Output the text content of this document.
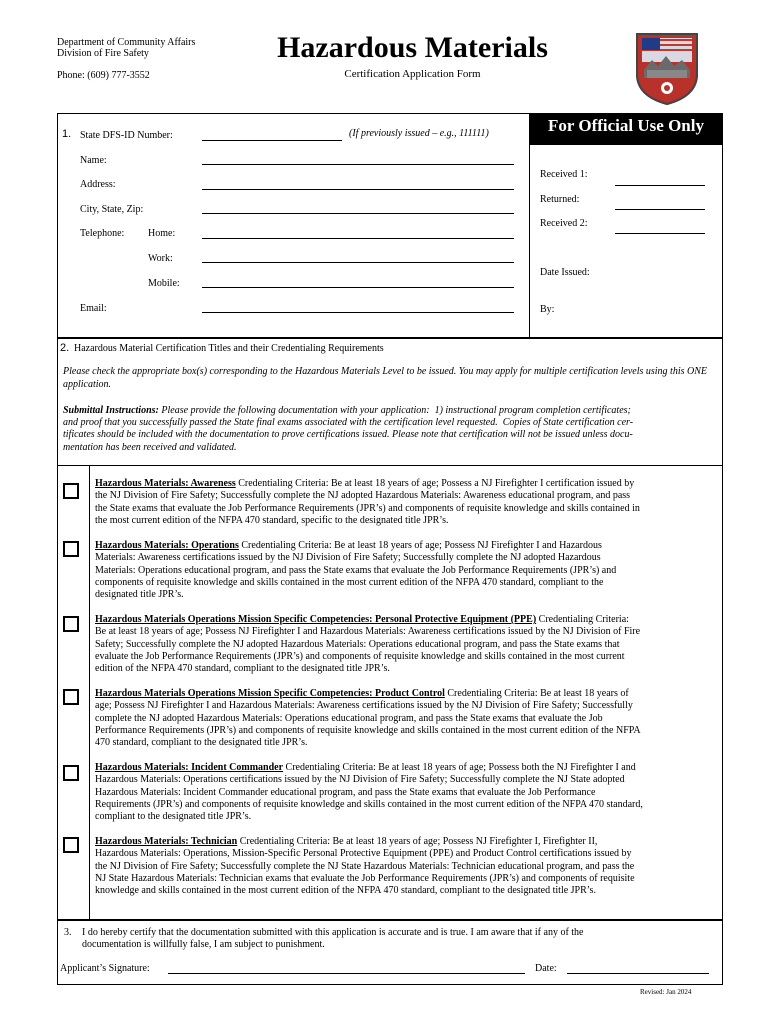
Department of Community Affairs
Division of Fire Safety
Phone: (609) 777-3552
Hazardous Materials
Certification Application Form
For Official Use Only
1. State DFS-ID Number:	(If previously issued – e.g., 111111)
Name:
Address:
City, State, Zip:
Telephone: Home:
Work:
Mobile:
Email:
Received 1:
Returned:
Received 2:
Date Issued:
By:
2. Hazardous Material Certification Titles and their Credentialing Requirements
Please check the appropriate box(s) corresponding to the Hazardous Materials Level to be issued. You may apply for multiple certification levels using this ONE application.
Submittal Instructions: Please provide the following documentation with your application:  1) instructional program completion certificates;
and proof that you successfully passed the State final exams associated with the certification level requested.  Copies of State certification cer-
tificates should be included with the documentation to prove certifications issued. Please note that certification will not be issued unless docu-
mentation has been received and validated.
Hazardous Materials: Awareness Credentialing Criteria: Be at least 18 years of age; Possess a NJ Firefighter I certification issued by
the NJ Division of Fire Safety; Successfully complete the NJ adopted Hazardous Materials: Awareness educational program, and pass
the State exams that evaluate the Job Performance Requirements (JPR’s) and components of requisite knowledge and skills contained in
the most current edition of the NFPA 470 standard, specific to the designated title JPR’s.
Hazardous Materials: Operations Credentialing Criteria: Be at least 18 years of age; Possess NJ Firefighter I and Hazardous
Materials: Awareness certifications issued by the NJ Division of Fire Safety; Successfully complete the NJ adopted Hazardous
Materials: Operations educational program, and pass the State exams that evaluate the Job Performance Requirements (JPR’s) and
components of requisite knowledge and skills contained in the most current edition of the NFPA 470 standard, compliant to the
designated title JPR’s.
Hazardous Materials Operations Mission Specific Competencies: Personal Protective Equipment (PPE) Credentialing Criteria:
Be at least 18 years of age; Possess NJ Firefighter I and Hazardous Materials: Awareness certifications issued by the NJ Division of Fire
Safety; Successfully complete the NJ adopted Hazardous Materials: Operations educational program, and pass the State exams that
evaluate the Job Performance Requirements (JPR’s) and components of requisite knowledge and skills contained in the most current
edition of the NFPA 470 standard, compliant to the designated title JPR’s.
Hazardous Materials Operations Mission Specific Competencies: Product Control Credentialing Criteria: Be at least 18 years of
age; Possess NJ Firefighter I and Hazardous Materials: Awareness certifications issued by the NJ Division of Fire Safety; Successfully
complete the NJ adopted Hazardous Materials: Operations educational program, and pass the State exams that evaluate the Job
Performance Requirements (JPR’s) and components of requisite knowledge and skills contained in the most current edition of the NFPA
470 standard, compliant to the designated title JPR’s.
Hazardous Materials: Incident Commander Credentialing Criteria: Be at least 18 years of age; Possess both the NJ Firefighter I and
Hazardous Materials: Operations certifications issued by the NJ Division of Fire Safety; Successfully complete the NJ State adopted
Hazardous Materials: Incident Commander educational program, and pass the State exams that evaluate the Job Performance
Requirements (JPR’s) and components of requisite knowledge and skills contained in the most current edition of the NFPA 470 standard,
compliant to the designated title JPR’s.
Hazardous Materials: Technician Credentialing Criteria: Be at least 18 years of age; Possess NJ Firefighter I, Firefighter II,
Hazardous Materials: Operations, Mission-Specific Personal Protective Equipment (PPE) and Product Control certifications issued by
the NJ Division of Fire Safety; Successfully complete the NJ State Hazardous Materials: Technician educational program, and pass the
NJ State Hazardous Materials: Technician exams that evaluate the Job Performance Requirements (JPR’s) and components of requisite
knowledge and skills contained in the most current edition of the NFPA 470 standard, compliant to the designated title JPR’s.
3. I do hereby certify that the documentation submitted with this application is accurate and is true. I am aware that if any of the
documentation is willfully false, I am subject to punishment.
Applicant’s Signature:	Date:
Revised: Jan 2024
